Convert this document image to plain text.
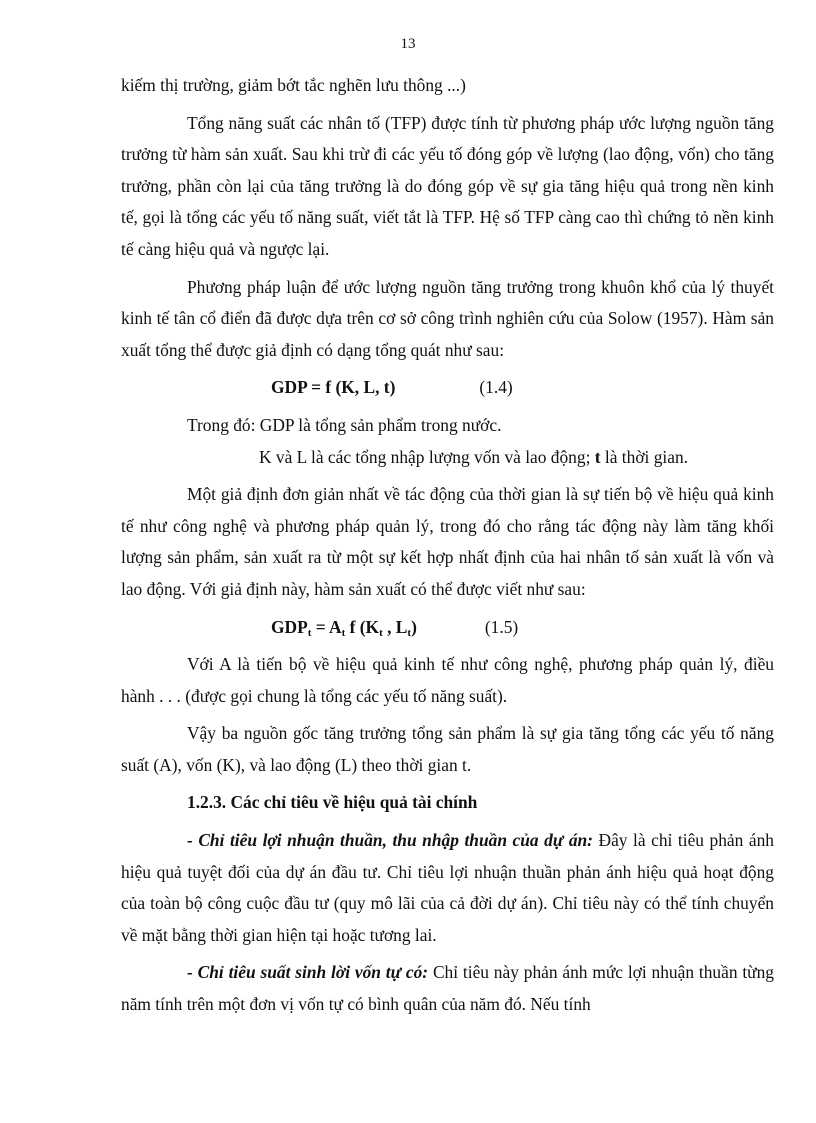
13

kiếm thị trường, giảm bớt tắc nghẽn lưu thông ...)

Tổng năng suất các nhân tố (TFP) được tính từ phương pháp ước lượng nguồn tăng trưởng từ hàm sản xuất. Sau khi trừ đi các yếu tố đóng góp về lượng (lao động, vốn) cho tăng trưởng, phần còn lại của tăng trưởng là do đóng góp về sự gia tăng hiệu quả trong nền kinh tế, gọi là tổng các yếu tố năng suất, viết tắt là TFP. Hệ số TFP càng cao thì chứng tỏ nền kinh tế càng hiệu quả và ngược lại.

Phương pháp luận để ước lượng nguồn tăng trưởng trong khuôn khổ của lý thuyết kinh tế tân cổ điển đã được dựa trên cơ sở công trình nghiên cứu của Solow (1957). Hàm sản xuất tổng thể được giả định có dạng tổng quát như sau:

GDP = f (K, L, t)	(1.4)
Trong đó: GDP là tổng sản phẩm trong nước.
K và L là các tổng nhập lượng vốn và lao động; t là thời gian.

Một giả định đơn giản nhất về tác động của thời gian là sự tiến bộ về hiệu quả kinh tế như công nghệ và phương pháp quản lý, trong đó cho rằng tác động này làm tăng khối lượng sản phẩm, sản xuất ra từ một sự kết hợp nhất định của hai nhân tố sản xuất là vốn và lao động. Với giả định này, hàm sản xuất có thể được viết như sau:

$GDP_t = A_t$ f ($K_t$ , $L_t$)	(1.5)

Với A là tiến bộ về hiệu quả kinh tế như công nghệ, phương pháp quản lý, điều hành . . . (được gọi chung là tổng các yếu tố năng suất).

Vậy ba nguồn gốc tăng trưởng tổng sản phẩm là sự gia tăng tổng các yếu tố năng suất (A), vốn (K), và lao động (L) theo thời gian t.

1.2.3. Các chỉ tiêu về hiệu quả tài chính

- Chỉ tiêu lợi nhuận thuần, thu nhập thuần của dự án: Đây là chỉ tiêu phản ánh hiệu quả tuyệt đối của dự án đầu tư. Chỉ tiêu lợi nhuận thuần phản ánh hiệu quả hoạt động của toàn bộ công cuộc đầu tư (quy mô lãi của cả đời dự án). Chỉ tiêu này có thể tính chuyển về mặt bằng thời gian hiện tại hoặc tương lai.

- Chỉ tiêu suất sinh lời vốn tự có: Chỉ tiêu này phản ánh mức lợi nhuận thuần từng năm tính trên một đơn vị vốn tự có bình quân của năm đó. Nếu tính
